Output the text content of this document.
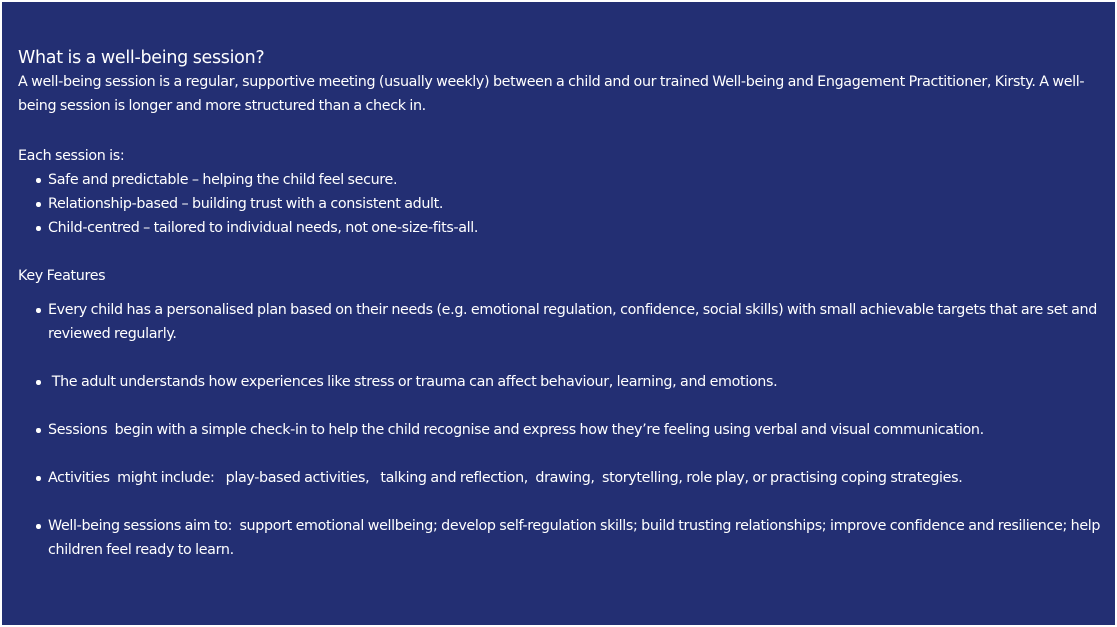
What is a well-being session?

A well-being session is a regular, supportive meeting (usually weekly) between a child and our trained Well-being and Engagement Practitioner, Kirsty. A well-being session is longer and more structured than a check in.

Each session is:

Safe and predictable – helping the child feel secure.
Relationship-based – building trust with a consistent adult.
Child-centred – tailored to individual needs, not one-size-fits-all.

Key Features

Every child has a personalised plan based on their needs (e.g. emotional regulation, confidence, social skills) with small achievable targets that are set and reviewed regularly.
The adult understands how experiences like stress or trauma can affect behaviour, learning, and emotions.
Sessions  begin with a simple check-in to help the child recognise and express how they’re feeling using verbal and visual communication.
Activities  might include:   play-based activities,   talking and reflection,  drawing,  storytelling, role play, or practising coping strategies.
Well-being sessions aim to:  support emotional wellbeing; develop self-regulation skills; build trusting relationships; improve confidence and resilience; help children feel ready to learn.
